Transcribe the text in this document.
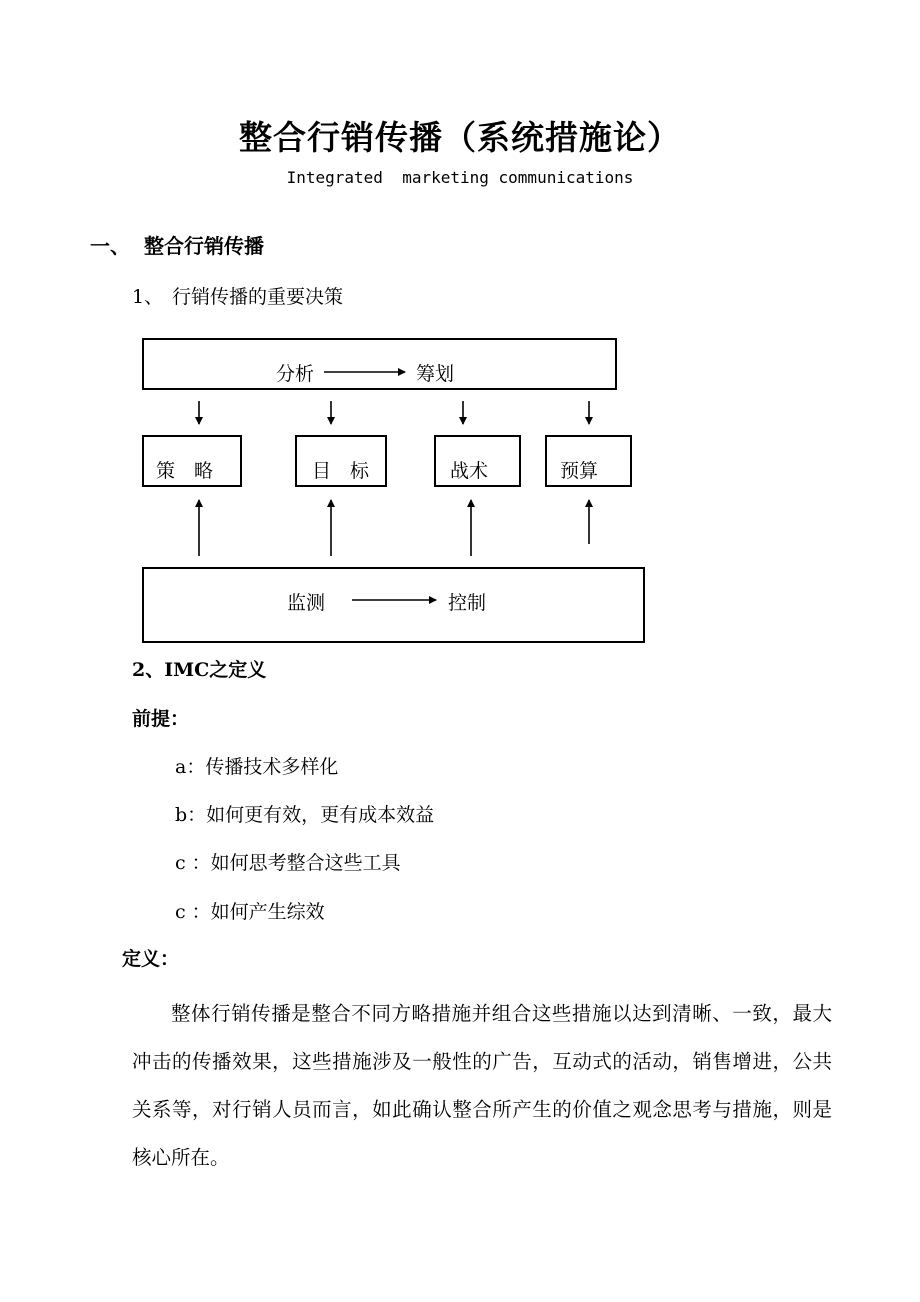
整合行销传播（系统措施论）
Integrated  marketing communications
一、 整合行销传播
1、 行销传播的重要决策
分析	筹划
策　略	目　标	战术	预算
监测	控制
2、IMC之定义
前提：
a：传播技术多样化
b：如何更有效，更有成本效益
c ：如何思考整合这些工具
c ：如何产生综效
定义：

整体行销传播是整合不同方略措施并组合这些措施以达到清晰、一致，最大冲击的传播效果，这些措施涉及一般性的广告，互动式的活动，销售增进，公共关系等，对行销人员而言，如此确认整合所产生的价值之观念思考与措施，则是核心所在。
